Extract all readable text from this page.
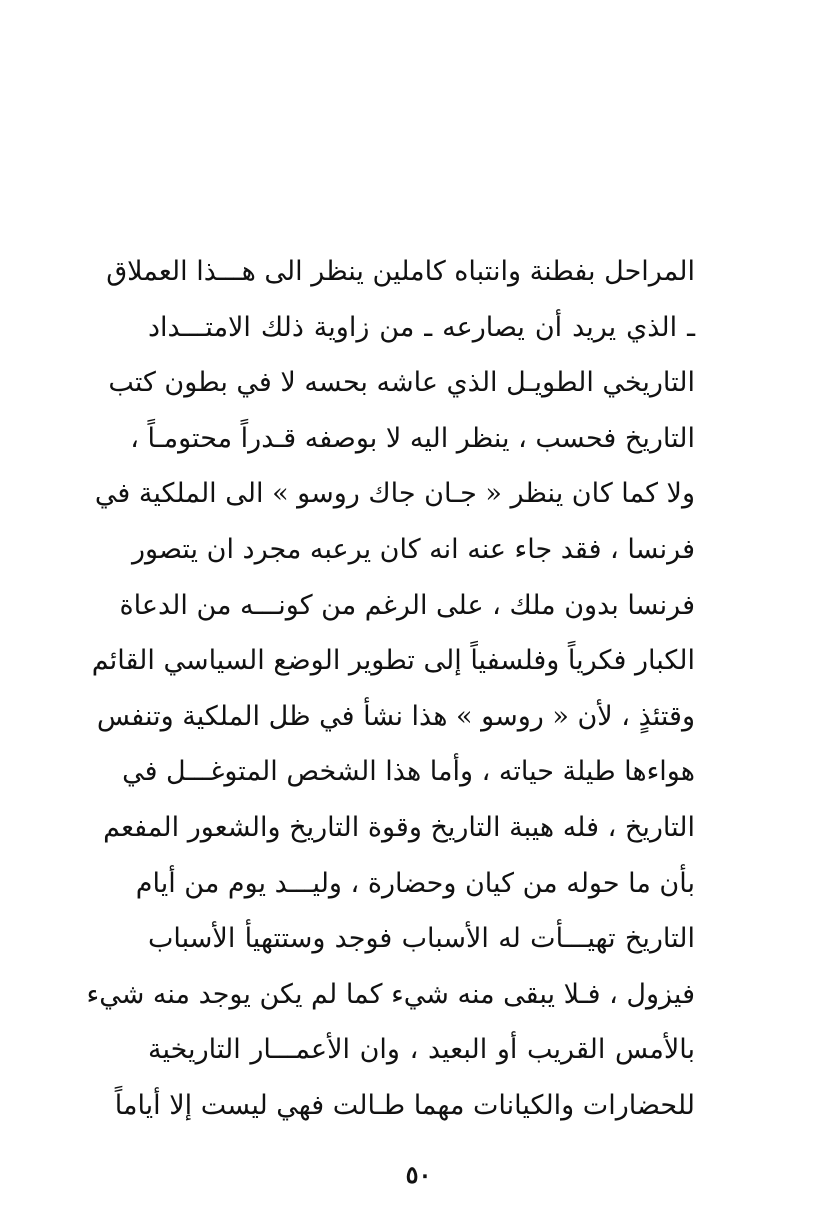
المراحل بفطنة وانتباه كاملين ينظر الى هـــذا العملاق
ـ الذي يريد أن يصارعه ـ من زاوية ذلك الامتـــداد
التاريخي الطويـل الذي عاشه بحسه لا في بطون كتب
التاريخ فحسب ، ينظر اليه لا بوصفه قـدراً محتومـاً ،
ولا كما كان ينظر « جـان جاك روسو » الى الملكية في
فرنسا ، فقد جاء عنه انه كان يرعبه مجرد ان يتصور
فرنسا بدون ملك ، على الرغم من كونـــه من الدعاة
الكبار فكرياً وفلسفياً إلى تطوير الوضع السياسي القائم
وقتئذٍ ، لأن « روسو » هذا نشأ في ظل الملكية وتنفس
هواءها طيلة حياته ، وأما هذا الشخص المتوغـــل في
التاريخ ، فله هيبة التاريخ وقوة التاريخ والشعور المفعم
بأن ما حوله من كيان وحضارة ، وليـــد يوم من أيام
التاريخ تهيـــأت له الأسباب فوجد وستتهيأ الأسباب
فيزول ، فـلا يبقى منه شيء كما لم يكن يوجد منه شيء
بالأمس القريب أو البعيد ، وان الأعمـــار التاريخية
للحضارات والكيانات مهما طـالت فهي ليست إلا أياماً
٥٠
